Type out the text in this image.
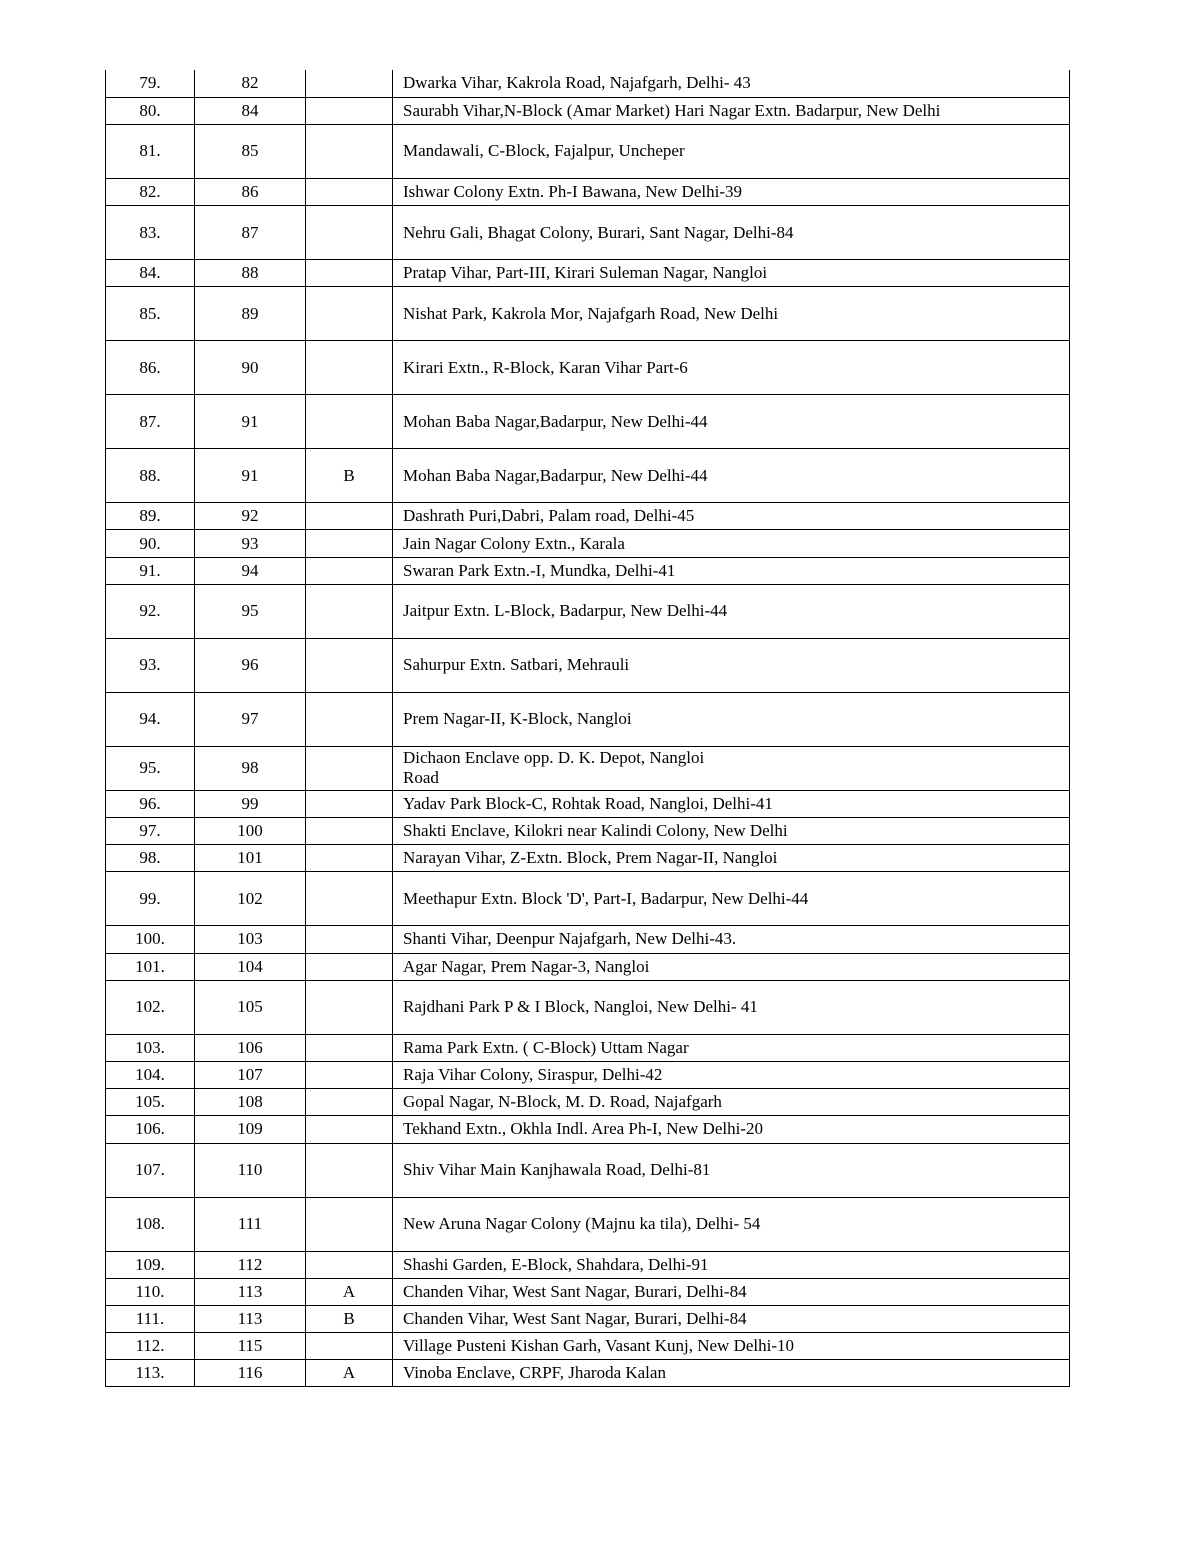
79.	82		Dwarka Vihar, Kakrola Road, Najafgarh, Delhi- 43
80.	84		Saurabh Vihar,N-Block (Amar Market) Hari Nagar Extn. Badarpur, New Delhi
81.	85		Mandawali, C-Block, Fajalpur, Uncheper
82.	86		Ishwar Colony Extn. Ph-I Bawana, New Delhi-39
83.	87		Nehru Gali, Bhagat Colony, Burari, Sant Nagar, Delhi-84
84.	88		Pratap Vihar, Part-III, Kirari Suleman Nagar, Nangloi
85.	89		Nishat Park, Kakrola Mor, Najafgarh Road, New Delhi
86.	90		Kirari Extn., R-Block, Karan Vihar Part-6
87.	91		Mohan Baba Nagar,Badarpur, New Delhi-44
88.	91	B	Mohan Baba Nagar,Badarpur, New Delhi-44
89.	92		Dashrath Puri,Dabri, Palam road, Delhi-45
90.	93		Jain Nagar Colony Extn., Karala
91.	94		Swaran Park Extn.-I, Mundka, Delhi-41
92.	95		Jaitpur Extn. L-Block, Badarpur, New Delhi-44
93.	96		Sahurpur Extn. Satbari, Mehrauli
94.	97		Prem Nagar-II, K-Block, Nangloi
95.	98		Dichaon Enclave opp. D. K. Depot, Nangloi
Road
96.	99		Yadav Park Block-C, Rohtak Road, Nangloi, Delhi-41
97.	100		Shakti Enclave, Kilokri near Kalindi Colony, New Delhi
98.	101		Narayan Vihar, Z-Extn. Block, Prem Nagar-II, Nangloi
99.	102		Meethapur Extn. Block 'D', Part-I, Badarpur, New Delhi-44
100.	103		Shanti Vihar, Deenpur Najafgarh, New Delhi-43.
101.	104		Agar Nagar, Prem Nagar-3, Nangloi
102.	105		Rajdhani Park P & I Block, Nangloi, New Delhi- 41
103.	106		Rama Park Extn. ( C-Block) Uttam Nagar
104.	107		Raja Vihar Colony, Siraspur, Delhi-42
105.	108		Gopal Nagar, N-Block, M. D. Road, Najafgarh
106.	109		Tekhand Extn., Okhla Indl. Area Ph-I, New Delhi-20
107.	110		Shiv Vihar Main Kanjhawala Road, Delhi-81
108.	111		New Aruna Nagar Colony (Majnu ka tila), Delhi- 54
109.	112		Shashi Garden, E-Block, Shahdara, Delhi-91
110.	113	A	Chanden Vihar, West Sant Nagar, Burari, Delhi-84
111.	113	B	Chanden Vihar, West Sant Nagar, Burari, Delhi-84
112.	115		Village Pusteni Kishan Garh, Vasant Kunj, New Delhi-10
113.	116	A	Vinoba Enclave, CRPF, Jharoda Kalan
